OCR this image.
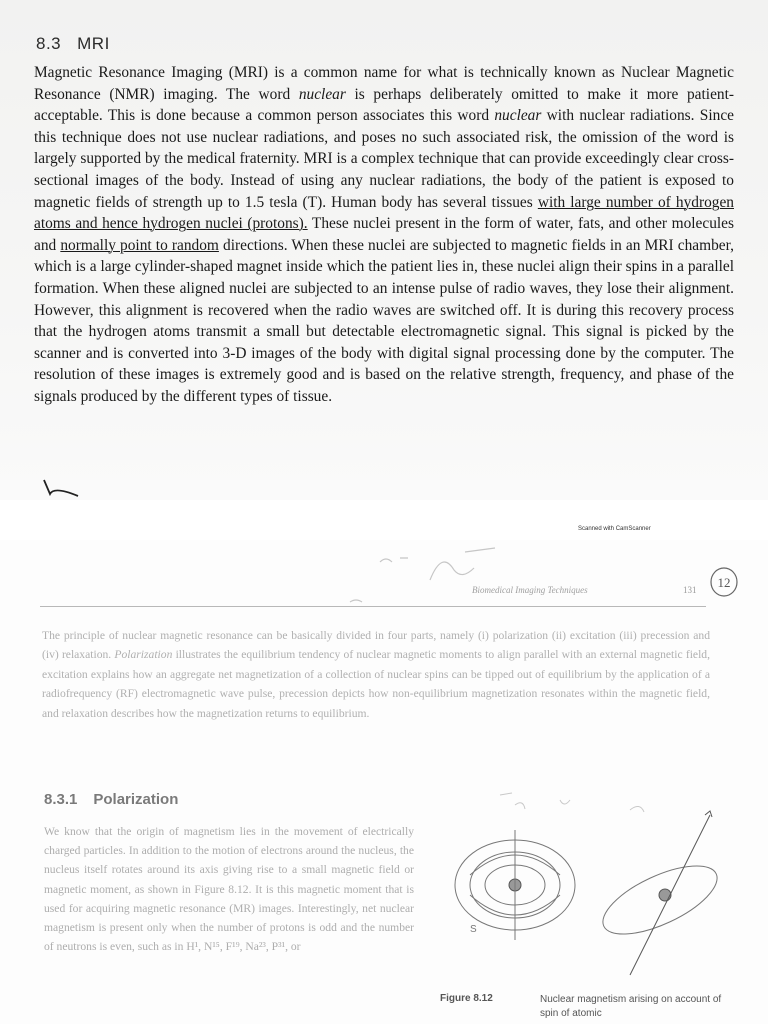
8.3 MRI

Magnetic Resonance Imaging (MRI) is a common name for what is technically known as Nuclear Magnetic Resonance (NMR) imaging. The word nuclear is perhaps deliberately omitted to make it more patient-acceptable. This is done because a common person associates this word nuclear with nuclear radiations. Since this technique does not use nuclear radiations, and poses no such associated risk, the omission of the word is largely supported by the medical fraternity. MRI is a complex technique that can provide exceedingly clear cross-sectional images of the body. Instead of using any nuclear radiations, the body of the patient is exposed to magnetic fields of strength up to 1.5 tesla (T). Human body has several tissues with large number of hydrogen atoms and hence hydrogen nuclei (protons). These nuclei present in the form of water, fats, and other molecules and normally point to random directions. When these nuclei are subjected to magnetic fields in an MRI chamber, which is a large cylinder-shaped magnet inside which the patient lies in, these nuclei align their spins in a parallel formation. When these aligned nuclei are subjected to an intense pulse of radio waves, they lose their alignment. However, this alignment is recovered when the radio waves are switched off. It is during this recovery process that the hydrogen atoms transmit a small but detectable electromagnetic signal. This signal is picked by the scanner and is converted into 3-D images of the body with digital signal processing done by the computer. The resolution of these images is extremely good and is based on the relative strength, frequency, and phase of the signals produced by the different types of tissue.

Scanned with CamScanner
Biomedical Imaging Techniques	131 12

The principle of nuclear magnetic resonance can be basically divided in four parts, namely (i) polarization (ii) excitation (iii) precession and (iv) relaxation. Polarization illustrates the equilibrium tendency of nuclear magnetic moments to align parallel with an external magnetic field, excitation explains how an aggregate net magnetization of a collection of nuclear spins can be tipped out of equilibrium by the application of a radiofrequency (RF) electromagnetic wave pulse, precession depicts how non-equilibrium magnetization resonates within the magnetic field, and relaxation describes how the magnetization returns to equilibrium.

8.3.1 Polarization

We know that the origin of magnetism lies in the movement of electrically charged particles. In addition to the motion of electrons around the nucleus, the nucleus itself rotates around its axis giving rise to a small magnetic field or magnetic moment, as shown in Figure 8.12. It is this magnetic moment that is used for acquiring magnetic resonance (MR) images. Interestingly, net nuclear magnetism is present only when the number of protons is odd and the number of neutrons is even, such as in H¹, N¹⁵, F¹⁹, Na²³, P³¹, or

S
Figure 8.12	Nuclear magnetism arising on account of spin of atomic
